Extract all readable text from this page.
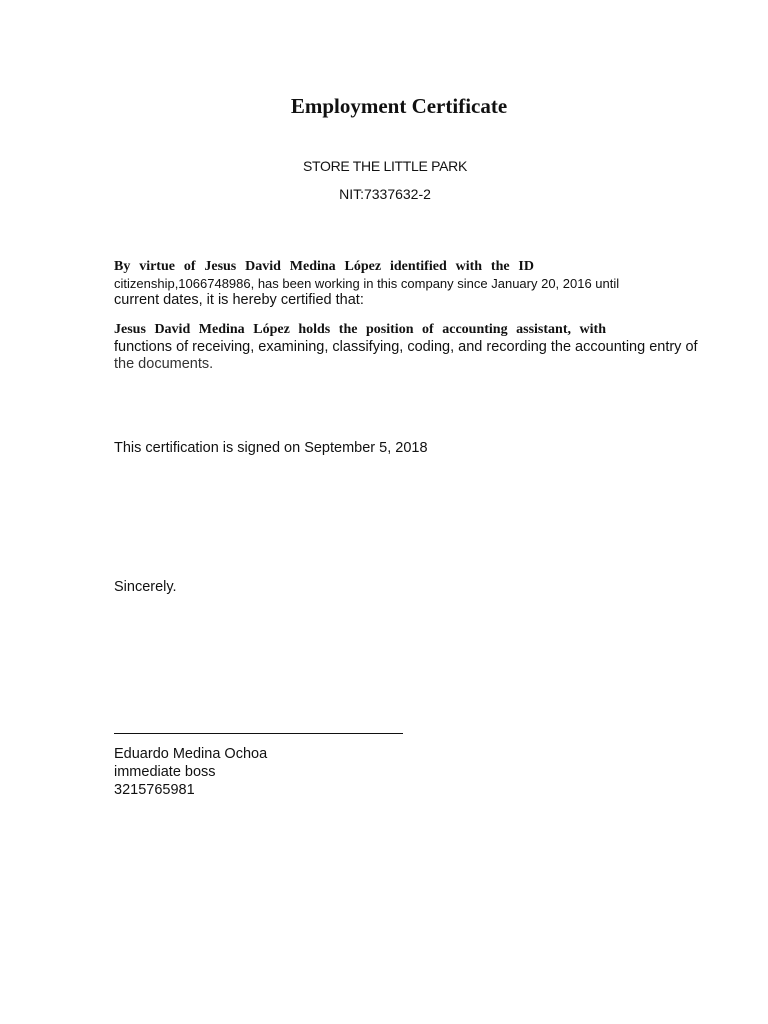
Employment Certificate
STORE THE LITTLE PARK
NIT:7337632-2
By virtue of Jesus David Medina López identified with the ID
citizenship,1066748986, has been working in this company since January 20, 2016 until
current dates, it is hereby certified that:
Jesus David Medina López holds the position of accounting assistant, with
functions of receiving, examining, classifying, coding, and recording the accounting entry of
the documents.
This certification is signed on September 5, 2018
Sincerely.
Eduardo Medina Ochoa
immediate boss
3215765981
